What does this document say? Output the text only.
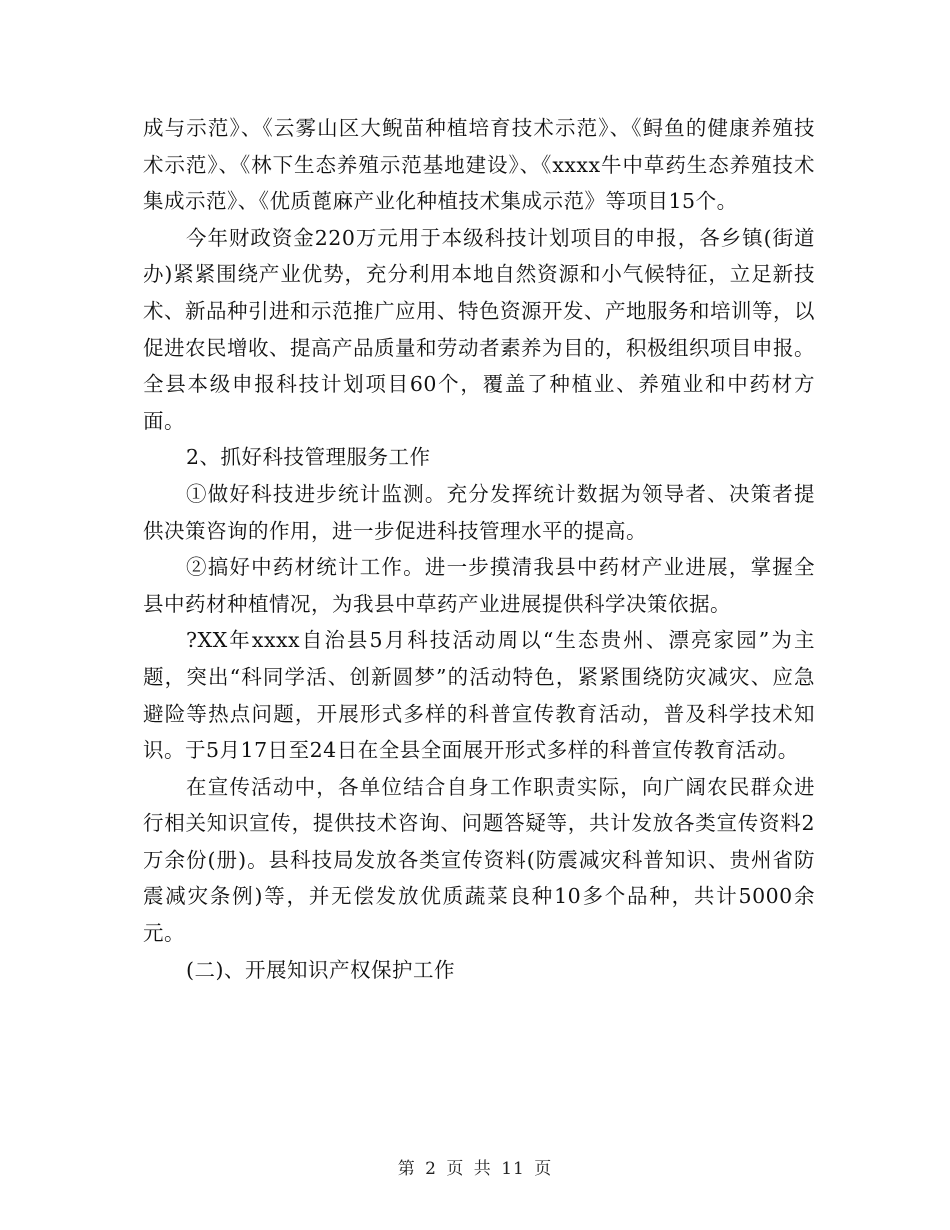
成与示范》、《云雾山区大鲵苗种植培育技术示范》、《鲟鱼的健康养殖技术示范》、《林下生态养殖示范基地建设》、《xxxx牛中草药生态养殖技术集成示范》、《优质蓖麻产业化种植技术集成示范》等项目15个。

今年财政资金220万元用于本级科技计划项目的申报，各乡镇(街道办)紧紧围绕产业优势，充分利用本地自然资源和小气候特征，立足新技术、新品种引进和示范推广应用、特色资源开发、产地服务和培训等，以促进农民增收、提高产品质量和劳动者素养为目的，积极组织项目申报。全县本级申报科技计划项目60个，覆盖了种植业、养殖业和中药材方面。

2、抓好科技管理服务工作

①做好科技进步统计监测。充分发挥统计数据为领导者、决策者提供决策咨询的作用，进一步促进科技管理水平的提高。

②搞好中药材统计工作。进一步摸清我县中药材产业进展，掌握全县中药材种植情况，为我县中草药产业进展提供科学决策依据。

?XX年xxxx自治县5月科技活动周以“生态贵州、漂亮家园”为主题，突出“科同学活、创新圆梦”的活动特色，紧紧围绕防灾减灾、应急避险等热点问题，开展形式多样的科普宣传教育活动，普及科学技术知识。于5月17日至24日在全县全面展开形式多样的科普宣传教育活动。

在宣传活动中，各单位结合自身工作职责实际，向广阔农民群众进行相关知识宣传，提供技术咨询、问题答疑等，共计发放各类宣传资料2万余份(册)。县科技局发放各类宣传资料(防震减灾科普知识、贵州省防震减灾条例)等，并无偿发放优质蔬菜良种10多个品种，共计5000余元。

(二)、开展知识产权保护工作

第 2 页 共 11 页
